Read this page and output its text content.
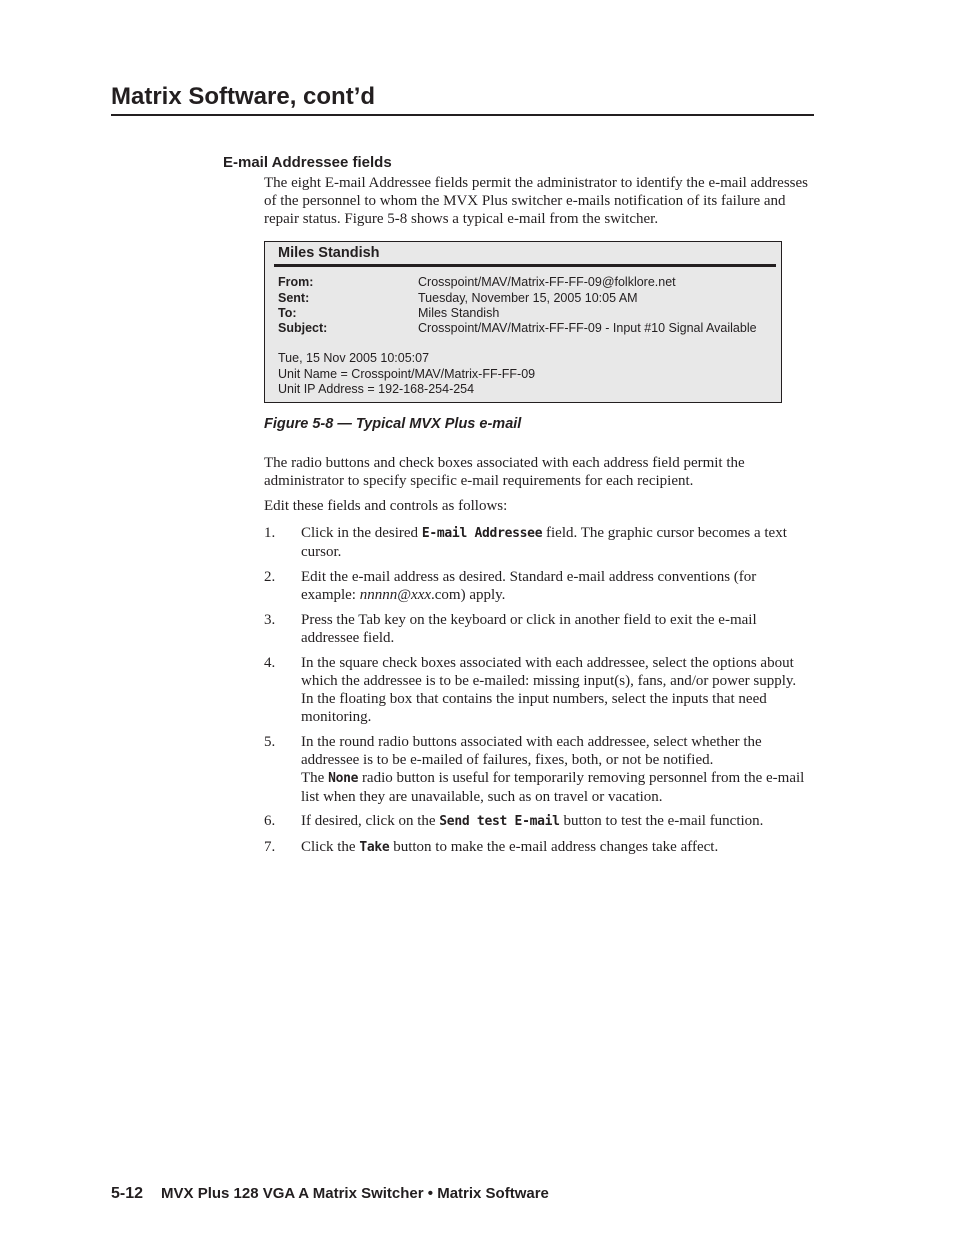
Matrix Software, cont’d
E-mail Addressee fields

The eight E-mail Addressee fields permit the administrator to identify the e-mail addresses of the personnel to whom the MVX Plus switcher e-mails notification of its failure and repair status. Figure 5-8 shows a typical e-mail from the switcher.

Miles Standish
From:	Crosspoint/MAV/Matrix-FF-FF-09@folklore.net
Sent:	Tuesday, November 15, 2005 10:05 AM
To:	Miles Standish
Subject:	Crosspoint/MAV/Matrix-FF-FF-09 - Input #10 Signal Available
Tue, 15 Nov 2005 10:05:07
Unit Name = Crosspoint/MAV/Matrix-FF-FF-09
Unit IP Address = 192-168-254-254

Figure 5-8 — Typical MVX Plus e-mail

The radio buttons and check boxes associated with each address field permit the administrator to specify specific e-mail requirements for each recipient.

Edit these fields and controls as follows:

1. Click in the desired E-mail Addressee field. The graphic cursor becomes a text cursor.
2. Edit the e-mail address as desired. Standard e-mail address conventions (for example: nnnnn@xxx.com) apply.
3. Press the Tab key on the keyboard or click in another field to exit the e-mail addressee field.
4. In the square check boxes associated with each addressee, select the options about which the addressee is to be e-mailed: missing input(s), fans, and/or power supply. In the floating box that contains the input numbers, select the inputs that need monitoring.
5. In the round radio buttons associated with each addressee, select whether the addressee is to be e-mailed of failures, fixes, both, or not be notified.
The None radio button is useful for temporarily removing personnel from the e-mail list when they are unavailable, such as on travel or vacation.
6. If desired, click on the Send test E-mail button to test the e-mail function.
7. Click the Take button to make the e-mail address changes take affect.
5-12 MVX Plus 128 VGA A Matrix Switcher • Matrix Software
